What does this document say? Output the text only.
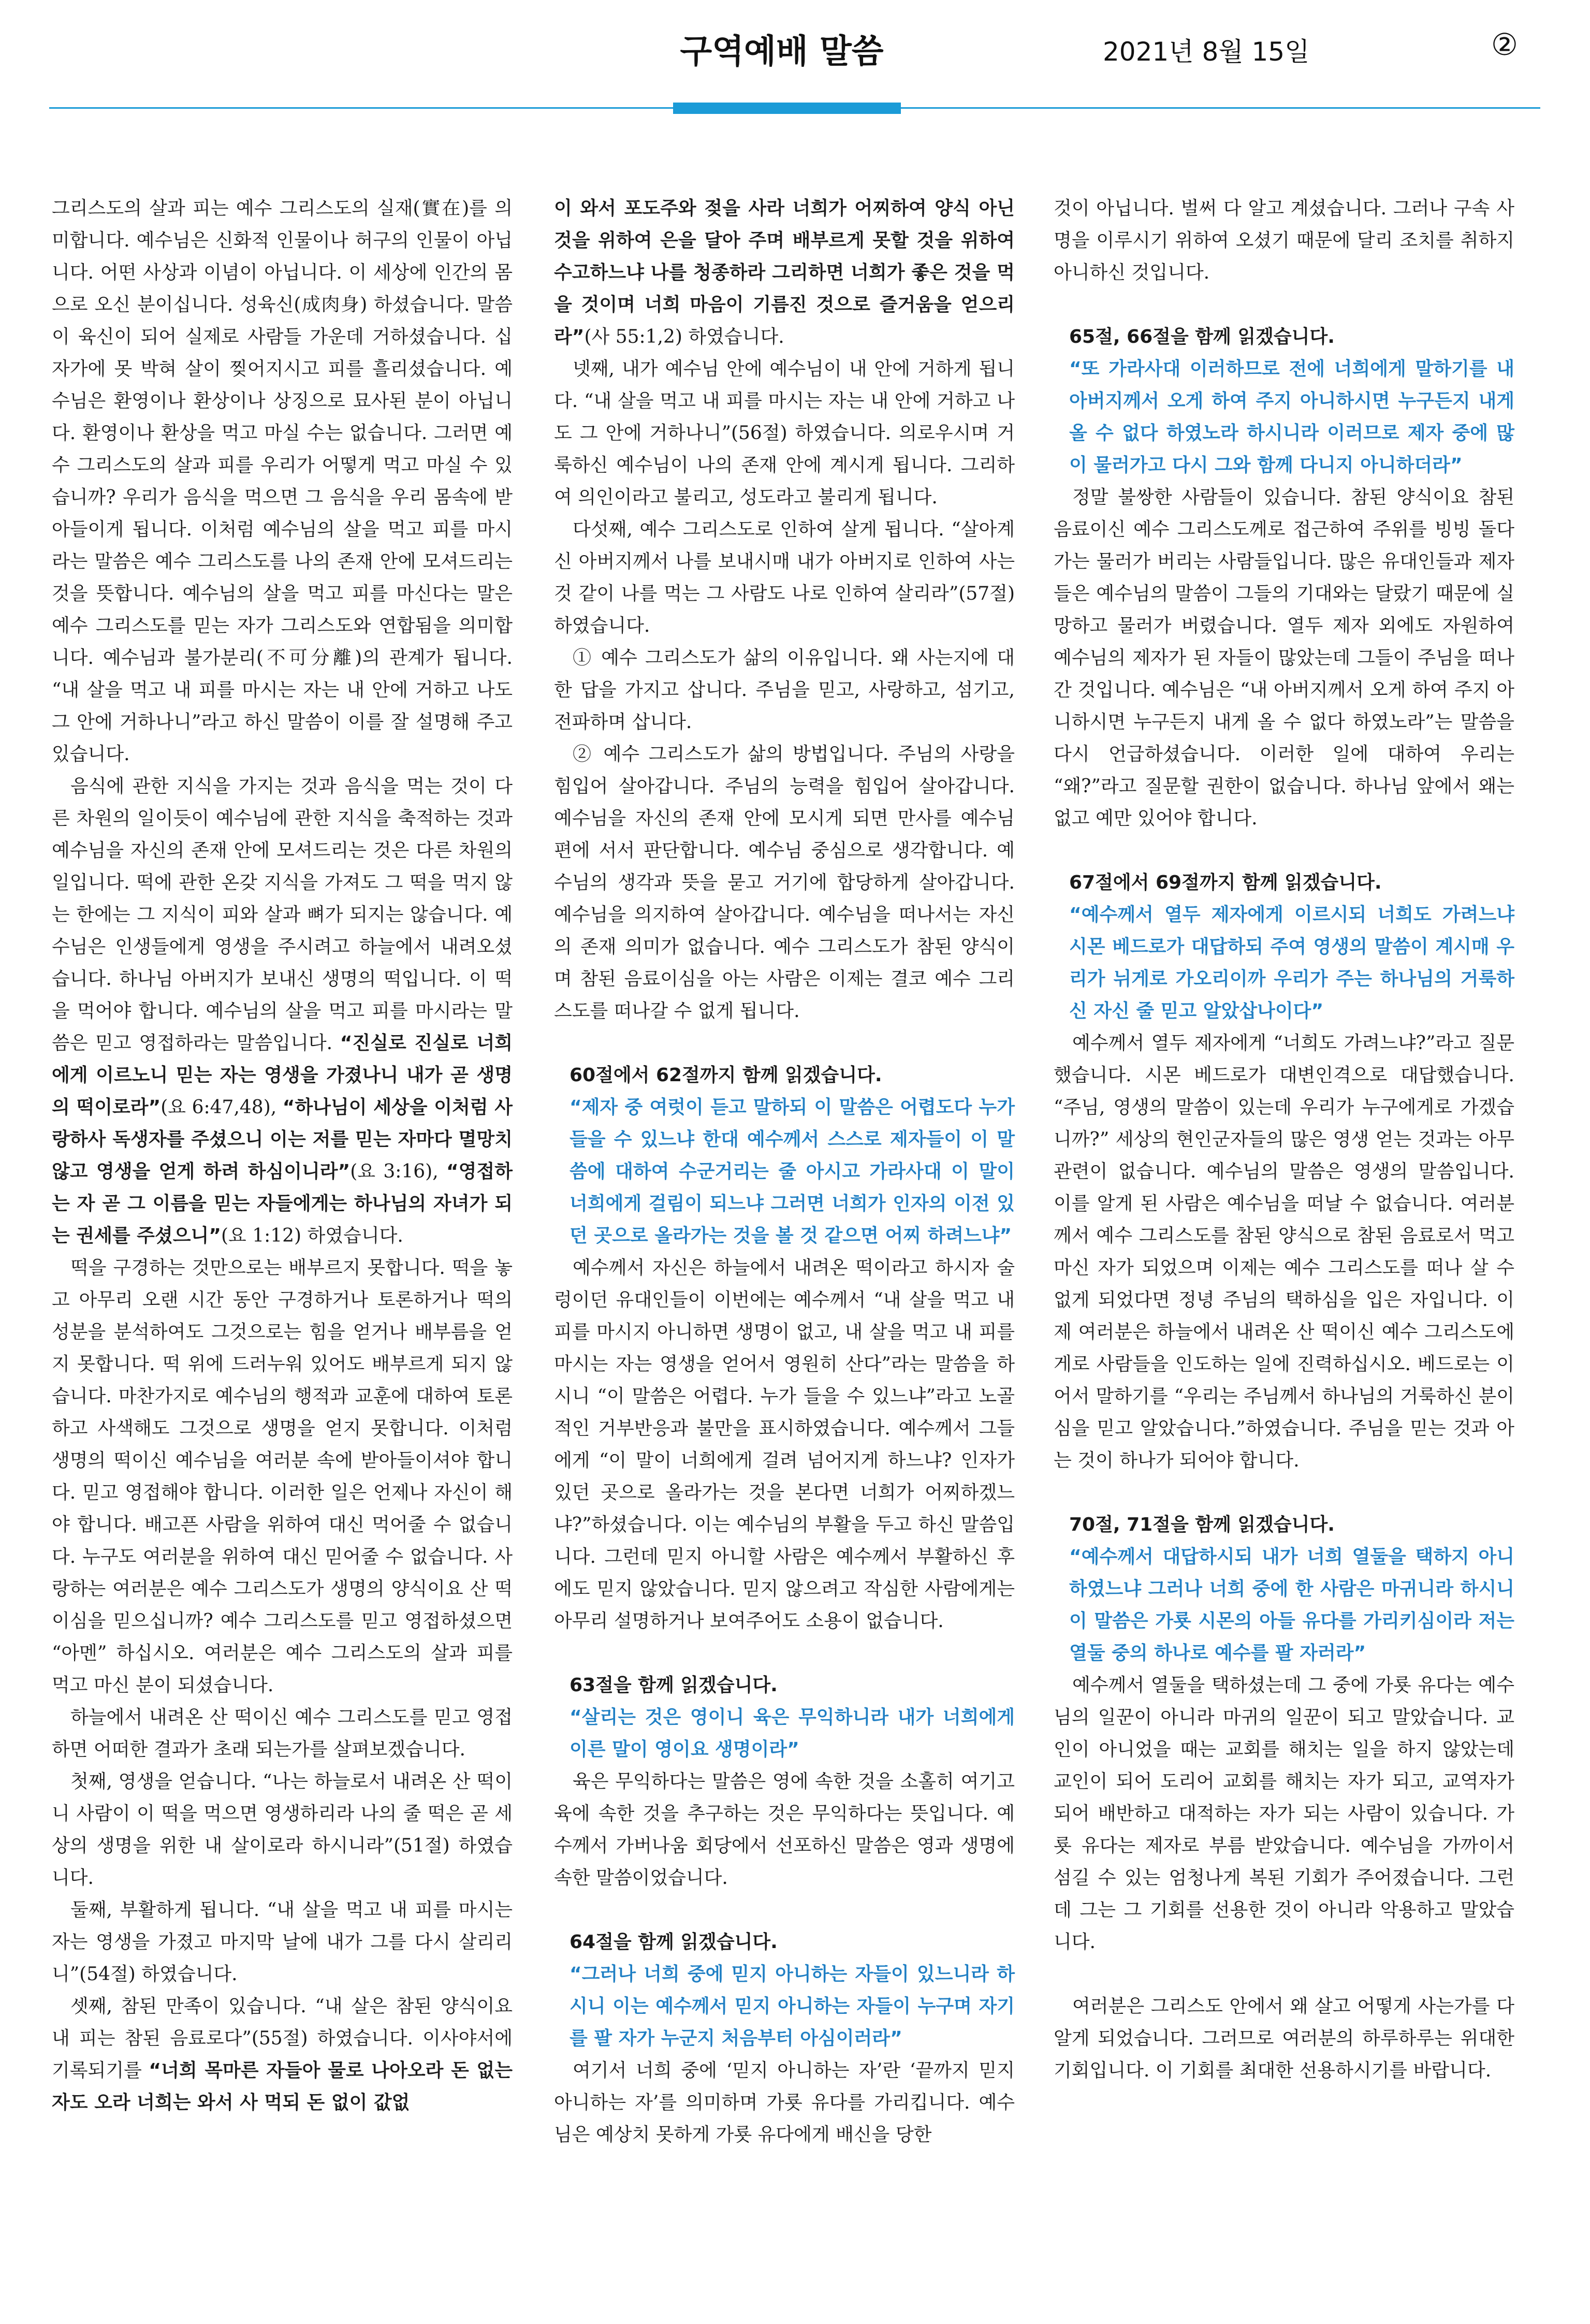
구역예배 말씀	2021년 8월 15일	②

그리스도의 살과 피는 예수 그리스도의 실재(實在)를 의미합니다. 예수님은 신화적 인물이나 허구의 인물이 아닙니다. 어떤 사상과 이념이 아닙니다. 이 세상에 인간의 몸으로 오신 분이십니다. 성육신(成肉身) 하셨습니다. 말씀이 육신이 되어 실제로 사람들 가운데 거하셨습니다. 십자가에 못 박혀 살이 찢어지시고 피를 흘리셨습니다. 예수님은 환영이나 환상이나 상징으로 묘사된 분이 아닙니다. 환영이나 환상을 먹고 마실 수는 없습니다. 그러면 예수 그리스도의 살과 피를 우리가 어떻게 먹고 마실 수 있습니까? 우리가 음식을 먹으면 그 음식을 우리 몸속에 받아들이게 됩니다. 이처럼 예수님의 살을 먹고 피를 마시라는 말씀은 예수 그리스도를 나의 존재 안에 모셔드리는 것을 뜻합니다. 예수님의 살을 먹고 피를 마신다는 말은 예수 그리스도를 믿는 자가 그리스도와 연합됨을 의미합니다. 예수님과 불가분리(不可分離)의 관계가 됩니다. “내 살을 먹고 내 피를 마시는 자는 내 안에 거하고 나도 그 안에 거하나니”라고 하신 말씀이 이를 잘 설명해 주고 있습니다.

음식에 관한 지식을 가지는 것과 음식을 먹는 것이 다른 차원의 일이듯이 예수님에 관한 지식을 축적하는 것과 예수님을 자신의 존재 안에 모셔드리는 것은 다른 차원의 일입니다. 떡에 관한 온갖 지식을 가져도 그 떡을 먹지 않는 한에는 그 지식이 피와 살과 뼈가 되지는 않습니다. 예수님은 인생들에게 영생을 주시려고 하늘에서 내려오셨습니다. 하나님 아버지가 보내신 생명의 떡입니다. 이 떡을 먹어야 합니다. 예수님의 살을 먹고 피를 마시라는 말씀은 믿고 영접하라는 말씀입니다. “진실로 진실로 너희에게 이르노니 믿는 자는 영생을 가졌나니 내가 곧 생명의 떡이로라”(요 6:47,48), “하나님이 세상을 이처럼 사랑하사 독생자를 주셨으니 이는 저를 믿는 자마다 멸망치 않고 영생을 얻게 하려 하심이니라”(요 3:16), “영접하는 자 곧 그 이름을 믿는 자들에게는 하나님의 자녀가 되는 권세를 주셨으니”(요 1:12) 하였습니다.

떡을 구경하는 것만으로는 배부르지 못합니다. 떡을 놓고 아무리 오랜 시간 동안 구경하거나 토론하거나 떡의 성분을 분석하여도 그것으로는 힘을 얻거나 배부름을 얻지 못합니다. 떡 위에 드러누워 있어도 배부르게 되지 않습니다. 마찬가지로 예수님의 행적과 교훈에 대하여 토론하고 사색해도 그것으로 생명을 얻지 못합니다. 이처럼 생명의 떡이신 예수님을 여러분 속에 받아들이셔야 합니다. 믿고 영접해야 합니다. 이러한 일은 언제나 자신이 해야 합니다. 배고픈 사람을 위하여 대신 먹어줄 수 없습니다. 누구도 여러분을 위하여 대신 믿어줄 수 없습니다. 사랑하는 여러분은 예수 그리스도가 생명의 양식이요 산 떡이심을 믿으십니까? 예수 그리스도를 믿고 영접하셨으면 “아멘” 하십시오. 여러분은 예수 그리스도의 살과 피를 먹고 마신 분이 되셨습니다.

하늘에서 내려온 산 떡이신 예수 그리스도를 믿고 영접하면 어떠한 결과가 초래 되는가를 살펴보겠습니다.

첫째, 영생을 얻습니다. “나는 하늘로서 내려온 산 떡이니 사람이 이 떡을 먹으면 영생하리라 나의 줄 떡은 곧 세상의 생명을 위한 내 살이로라 하시니라”(51절) 하였습니다.

둘째, 부활하게 됩니다. “내 살을 먹고 내 피를 마시는 자는 영생을 가졌고 마지막 날에 내가 그를 다시 살리리니”(54절) 하였습니다.

셋째, 참된 만족이 있습니다. “내 살은 참된 양식이요 내 피는 참된 음료로다”(55절) 하였습니다. 이사야서에 기록되기를 “너희 목마른 자들아 물로 나아오라 돈 없는 자도 오라 너희는 와서 사 먹되 돈 없이 값없

이 와서 포도주와 젖을 사라 너희가 어찌하여 양식 아닌 것을 위하여 은을 달아 주며 배부르게 못할 것을 위하여 수고하느냐 나를 청종하라 그리하면 너희가 좋은 것을 먹을 것이며 너희 마음이 기름진 것으로 즐거움을 얻으리라”(사 55:1,2) 하였습니다.

넷째, 내가 예수님 안에 예수님이 내 안에 거하게 됩니다. “내 살을 먹고 내 피를 마시는 자는 내 안에 거하고 나도 그 안에 거하나니”(56절) 하였습니다. 의로우시며 거룩하신 예수님이 나의 존재 안에 계시게 됩니다. 그리하여 의인이라고 불리고, 성도라고 불리게 됩니다.

다섯째, 예수 그리스도로 인하여 살게 됩니다. “살아계신 아버지께서 나를 보내시매 내가 아버지로 인하여 사는 것 같이 나를 먹는 그 사람도 나로 인하여 살리라”(57절) 하였습니다.

① 예수 그리스도가 삶의 이유입니다. 왜 사는지에 대한 답을 가지고 삽니다. 주님을 믿고, 사랑하고, 섬기고, 전파하며 삽니다.

② 예수 그리스도가 삶의 방법입니다. 주님의 사랑을 힘입어 살아갑니다. 주님의 능력을 힘입어 살아갑니다. 예수님을 자신의 존재 안에 모시게 되면 만사를 예수님 편에 서서 판단합니다. 예수님 중심으로 생각합니다. 예수님의 생각과 뜻을 묻고 거기에 합당하게 살아갑니다. 예수님을 의지하여 살아갑니다. 예수님을 떠나서는 자신의 존재 의미가 없습니다. 예수 그리스도가 참된 양식이며 참된 음료이심을 아는 사람은 이제는 결코 예수 그리스도를 떠나갈 수 없게 됩니다.

60절에서 62절까지 함께 읽겠습니다.
“제자 중 여럿이 듣고 말하되 이 말씀은 어렵도다 누가 들을 수 있느냐 한대 예수께서 스스로 제자들이 이 말씀에 대하여 수군거리는 줄 아시고 가라사대 이 말이 너희에게 걸림이 되느냐 그러면 너희가 인자의 이전 있던 곳으로 올라가는 것을 볼 것 같으면 어찌 하려느냐”

예수께서 자신은 하늘에서 내려온 떡이라고 하시자 술렁이던 유대인들이 이번에는 예수께서 “내 살을 먹고 내 피를 마시지 아니하면 생명이 없고, 내 살을 먹고 내 피를 마시는 자는 영생을 얻어서 영원히 산다”라는 말씀을 하시니 “이 말씀은 어렵다. 누가 들을 수 있느냐”라고 노골적인 거부반응과 불만을 표시하였습니다. 예수께서 그들에게 “이 말이 너희에게 걸려 넘어지게 하느냐? 인자가 있던 곳으로 올라가는 것을 본다면 너희가 어찌하겠느냐?”하셨습니다. 이는 예수님의 부활을 두고 하신 말씀입니다. 그런데 믿지 아니할 사람은 예수께서 부활하신 후에도 믿지 않았습니다. 믿지 않으려고 작심한 사람에게는 아무리 설명하거나 보여주어도 소용이 없습니다.

63절을 함께 읽겠습니다.
“살리는 것은 영이니 육은 무익하니라 내가 너희에게 이른 말이 영이요 생명이라”

육은 무익하다는 말씀은 영에 속한 것을 소홀히 여기고 육에 속한 것을 추구하는 것은 무익하다는 뜻입니다. 예수께서 가버나움 회당에서 선포하신 말씀은 영과 생명에 속한 말씀이었습니다.

64절을 함께 읽겠습니다.
“그러나 너희 중에 믿지 아니하는 자들이 있느니라 하시니 이는 예수께서 믿지 아니하는 자들이 누구며 자기를 팔 자가 누군지 처음부터 아심이러라”

여기서 너희 중에 ‘믿지 아니하는 자’란 ‘끝까지 믿지 아니하는 자’를 의미하며 가룟 유다를 가리킵니다. 예수님은 예상치 못하게 가룟 유다에게 배신을 당한

것이 아닙니다. 벌써 다 알고 계셨습니다. 그러나 구속 사명을 이루시기 위하여 오셨기 때문에 달리 조치를 취하지 아니하신 것입니다.

65절, 66절을 함께 읽겠습니다.
“또 가라사대 이러하므로 전에 너희에게 말하기를 내 아버지께서 오게 하여 주지 아니하시면 누구든지 내게 올 수 없다 하였노라 하시니라 이러므로 제자 중에 많이 물러가고 다시 그와 함께 다니지 아니하더라”

정말 불쌍한 사람들이 있습니다. 참된 양식이요 참된 음료이신 예수 그리스도께로 접근하여 주위를 빙빙 돌다가는 물러가 버리는 사람들입니다. 많은 유대인들과 제자들은 예수님의 말씀이 그들의 기대와는 달랐기 때문에 실망하고 물러가 버렸습니다. 열두 제자 외에도 자원하여 예수님의 제자가 된 자들이 많았는데 그들이 주님을 떠나간 것입니다. 예수님은 “내 아버지께서 오게 하여 주지 아니하시면 누구든지 내게 올 수 없다 하였노라”는 말씀을 다시 언급하셨습니다. 이러한 일에 대하여 우리는 “왜?”라고 질문할 권한이 없습니다. 하나님 앞에서 왜는 없고 예만 있어야 합니다.

67절에서 69절까지 함께 읽겠습니다.
“예수께서 열두 제자에게 이르시되 너희도 가려느냐 시몬 베드로가 대답하되 주여 영생의 말씀이 계시매 우리가 뉘게로 가오리이까 우리가 주는 하나님의 거룩하신 자신 줄 믿고 알았삽나이다”

예수께서 열두 제자에게 “너희도 가려느냐?”라고 질문했습니다. 시몬 베드로가 대변인격으로 대답했습니다. “주님, 영생의 말씀이 있는데 우리가 누구에게로 가겠습니까?” 세상의 현인군자들의 많은 영생 얻는 것과는 아무 관련이 없습니다. 예수님의 말씀은 영생의 말씀입니다. 이를 알게 된 사람은 예수님을 떠날 수 없습니다. 여러분께서 예수 그리스도를 참된 양식으로 참된 음료로서 먹고 마신 자가 되었으며 이제는 예수 그리스도를 떠나 살 수 없게 되었다면 정녕 주님의 택하심을 입은 자입니다. 이제 여러분은 하늘에서 내려온 산 떡이신 예수 그리스도에게로 사람들을 인도하는 일에 진력하십시오. 베드로는 이어서 말하기를 “우리는 주님께서 하나님의 거룩하신 분이심을 믿고 알았습니다.”하였습니다. 주님을 믿는 것과 아는 것이 하나가 되어야 합니다.

70절, 71절을 함께 읽겠습니다.
“예수께서 대답하시되 내가 너희 열둘을 택하지 아니하였느냐 그러나 너희 중에 한 사람은 마귀니라 하시니 이 말씀은 가룟 시몬의 아들 유다를 가리키심이라 저는 열둘 중의 하나로 예수를 팔 자러라”

예수께서 열둘을 택하셨는데 그 중에 가룟 유다는 예수님의 일꾼이 아니라 마귀의 일꾼이 되고 말았습니다. 교인이 아니었을 때는 교회를 해치는 일을 하지 않았는데 교인이 되어 도리어 교회를 해치는 자가 되고, 교역자가 되어 배반하고 대적하는 자가 되는 사람이 있습니다. 가룟 유다는 제자로 부름 받았습니다. 예수님을 가까이서 섬길 수 있는 엄청나게 복된 기회가 주어졌습니다. 그런데 그는 그 기회를 선용한 것이 아니라 악용하고 말았습니다.

여러분은 그리스도 안에서 왜 살고 어떻게 사는가를 다 알게 되었습니다. 그러므로 여러분의 하루하루는 위대한 기회입니다. 이 기회를 최대한 선용하시기를 바랍니다.
